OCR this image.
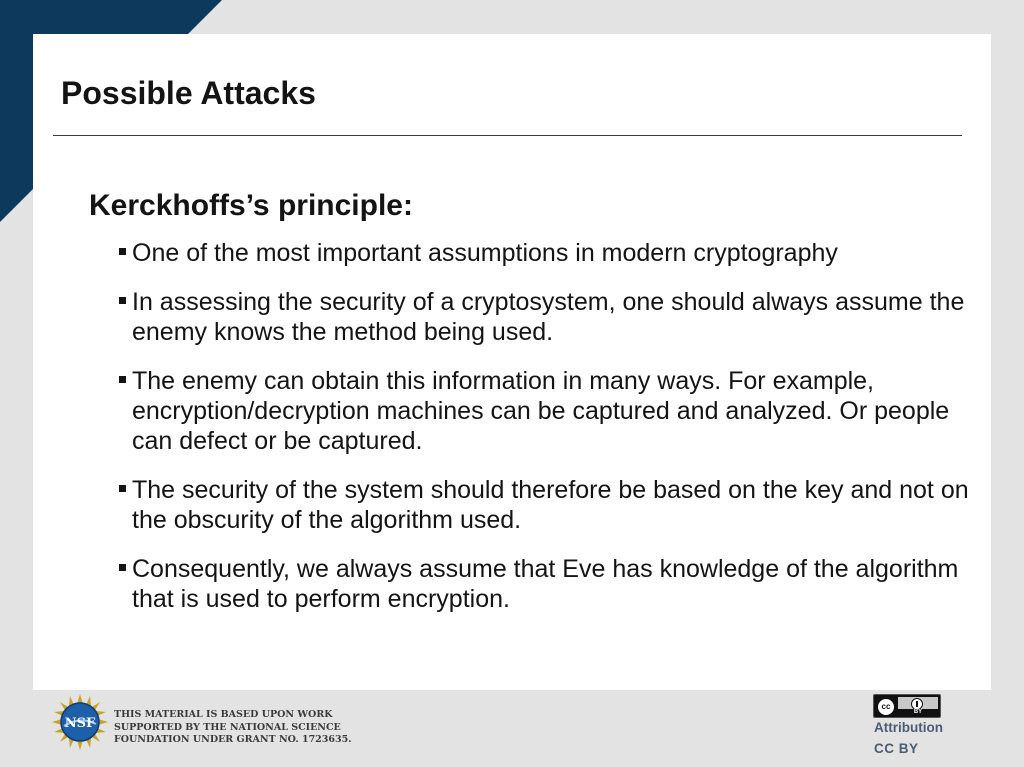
Possible Attacks
Kerckhoffs’s principle:
One of the most important assumptions in modern cryptography
In assessing the security of a cryptosystem, one should always assume the enemy knows the method being used.
The enemy can obtain this information in many ways. For example, encryption/decryption machines can be captured and analyzed. Or people can defect or be captured.
The security of the system should therefore be based on the key and not on the obscurity of the algorithm used.
Consequently, we always assume that Eve has knowledge of the algorithm that is used to perform encryption.
NSF
THIS MATERIAL IS BASED UPON WORK
SUPPORTED BY THE NATIONAL SCIENCE
FOUNDATION UNDER GRANT NO. 1723635.
cc
BY
Attribution
CC BY
